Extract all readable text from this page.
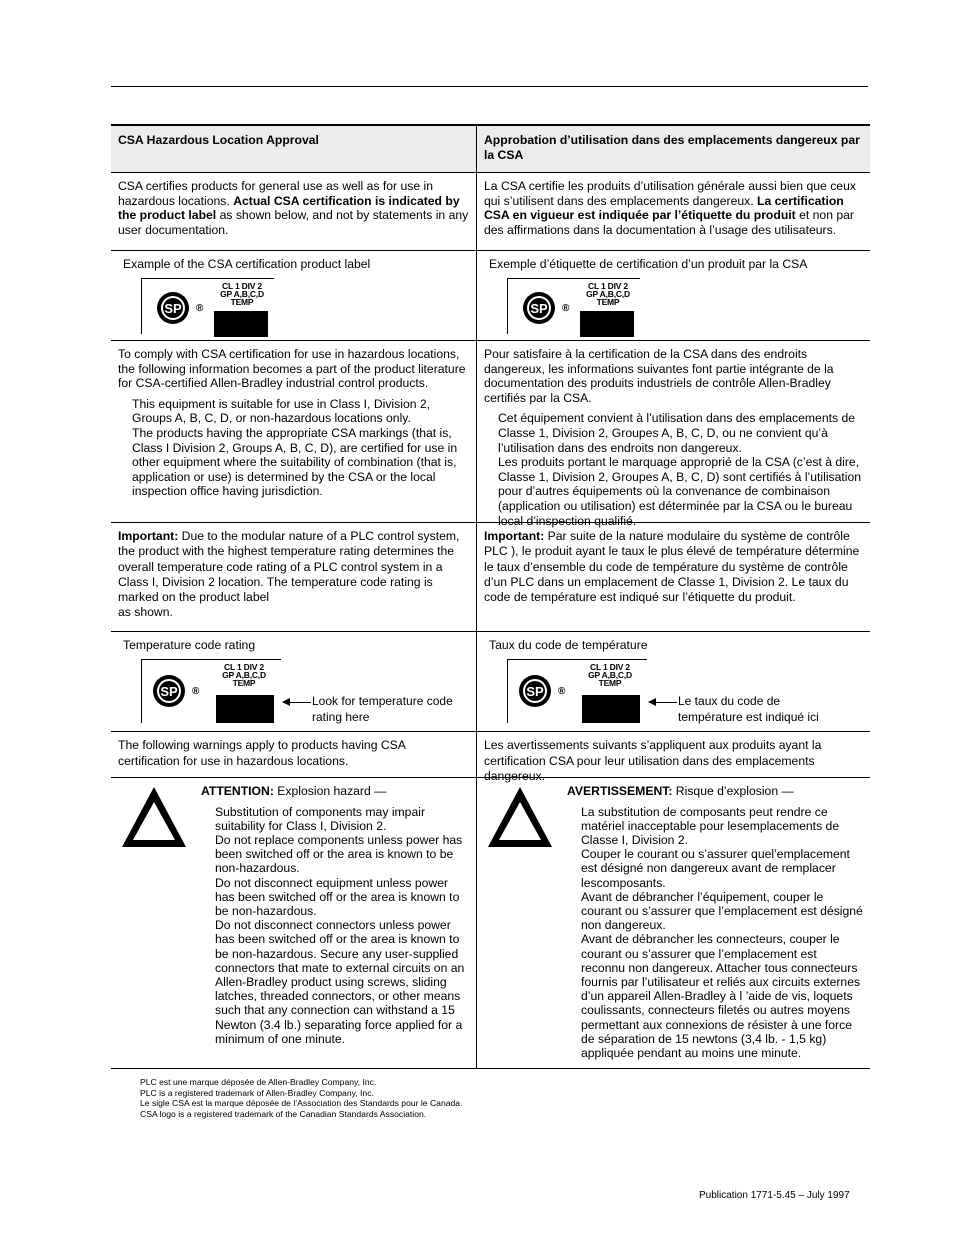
CSA Hazardous Location Approval	Approbation d’utilisation dans des emplacements dangereux par la CSA
CSA certifies products for general use as well as for use in hazardous locations. Actual CSA certification is indicated by the product label as shown below, and not by statements in any user documentation.
La CSA certifie les produits d’utilisation générale aussi bien que ceux qui s’utilisent dans des emplacements dangereux. La certification CSA en vigueur est indiquée par l’étiquette du produit et non par des affirmations dans la documentation à l’usage des utilisateurs.
Example of the CSA certification product label
SP ®
CL 1 DIV 2
GP A,B,C,D
TEMP
Exemple d’étiquette de certification d’un produit par la CSA
SP ®
CL 1 DIV 2
GP A,B,C,D
TEMP

To comply with CSA certification for use in hazardous locations, the following information becomes a part of the product literature for CSA-certified Allen-Bradley industrial control products.

This equipment is suitable for use in Class I, Division 2, Groups A, B, C, D, or non-hazardous locations only.

The products having the appropriate CSA markings (that is, Class I Division 2, Groups A, B, C, D), are certified for use in other equipment where the suitability of combination (that is, application or use) is determined by the CSA or the local inspection office having jurisdiction.

Pour satisfaire à la certification de la CSA dans des endroits dangereux, les informations suivantes font partie intégrante de la documentation des produits industriels de contrôle Allen-Bradley certifiés par la CSA.

Cet équipement convient à l’utilisation dans des emplacements de Classe 1, Division 2, Groupes A, B, C, D, ou ne convient qu’à l’utilisation dans des endroits non dangereux.

Les produits portant le marquage approprié de la CSA (c’est à dire, Classe 1, Division 2, Groupes A, B, C, D) sont certifiés à l’utilisation pour d’autres équipements où la convenance de combinaison (application ou utilisation) est déterminée par la CSA ou le bureau local d’inspection qualifié.

Important: Due to the modular nature of a PLC control system, the product with the highest temperature rating determines the overall temperature code rating of a PLC control system in a Class I, Division 2 location. The temperature code rating is marked on the product label

as shown.

Important: Par suite de la nature modulaire du système de contrôle PLC ), le produit ayant le taux le plus élevé de température détermine le taux d’ensemble du code de température du système de contrôle d’un PLC dans un emplacement de Classe 1, Division 2. Le taux du code de température est indiqué sur l’étiquette du produit.

Temperature code rating
SP ®
CL 1 DIV 2
GP A,B,C,D
TEMP
Look for temperature code
rating here
Taux du code de température
SP ®
CL 1 DIV 2
GP A,B,C,D
TEMP
Le taux du code de
température est indiqué ici
The following warnings apply to products having CSA certification for use in hazardous locations.
Les avertissements suivants s’appliquent aux produits ayant la certification CSA pour leur utilisation dans des emplacements dangereux.

ATTENTION: Explosion hazard —

Substitution of components may impair suitability for Class I, Division 2.

Do not replace components unless power has been switched off or the area is known to be non-hazardous.

Do not disconnect equipment unless power has been switched off or the area is known to be non-hazardous.

Do not disconnect connectors unless power has been switched off or the area is known to be non-hazardous. Secure any user-supplied connectors that mate to external circuits on an Allen-Bradley product using screws, sliding latches, threaded connectors, or other means such that any connection can withstand a 15 Newton (3.4 lb.) separating force applied for a minimum of one minute.

AVERTISSEMENT: Risque d’explosion —

La substitution de composants peut rendre ce matériel inacceptable pour lesemplacements de Classe I, Division 2.

Couper le courant ou s’assurer quel’emplacement est désigné non dangereux avant de remplacer lescomposants.

Avant de débrancher l’équipement, couper le courant ou s’assurer que l’emplacement est désigné non dangereux.

Avant de débrancher les connecteurs, couper le courant ou s’assurer que l’emplacement est reconnu non dangereux. Attacher tous connecteurs fournis par l’utilisateur et reliés aux circuits externes d’un appareil Allen-Bradley à l ’aide de vis, loquets coulissants, connecteurs filetés ou autres moyens permettant aux connexions de résister à une force de séparation de 15 newtons (3,4 lb. - 1,5 kg) appliquée pendant au moins une minute.

PLC est une marque déposée de Allen-Bradley Company, Inc.
PLC is a registered trademark of Allen-Bradley Company, Inc.
Le sigle CSA est la marque déposée de l’Association des Standards pour le Canada.
CSA logo is a registered trademark of the Canadian Standards Association.
Publication 1771-5.45 – July 1997
